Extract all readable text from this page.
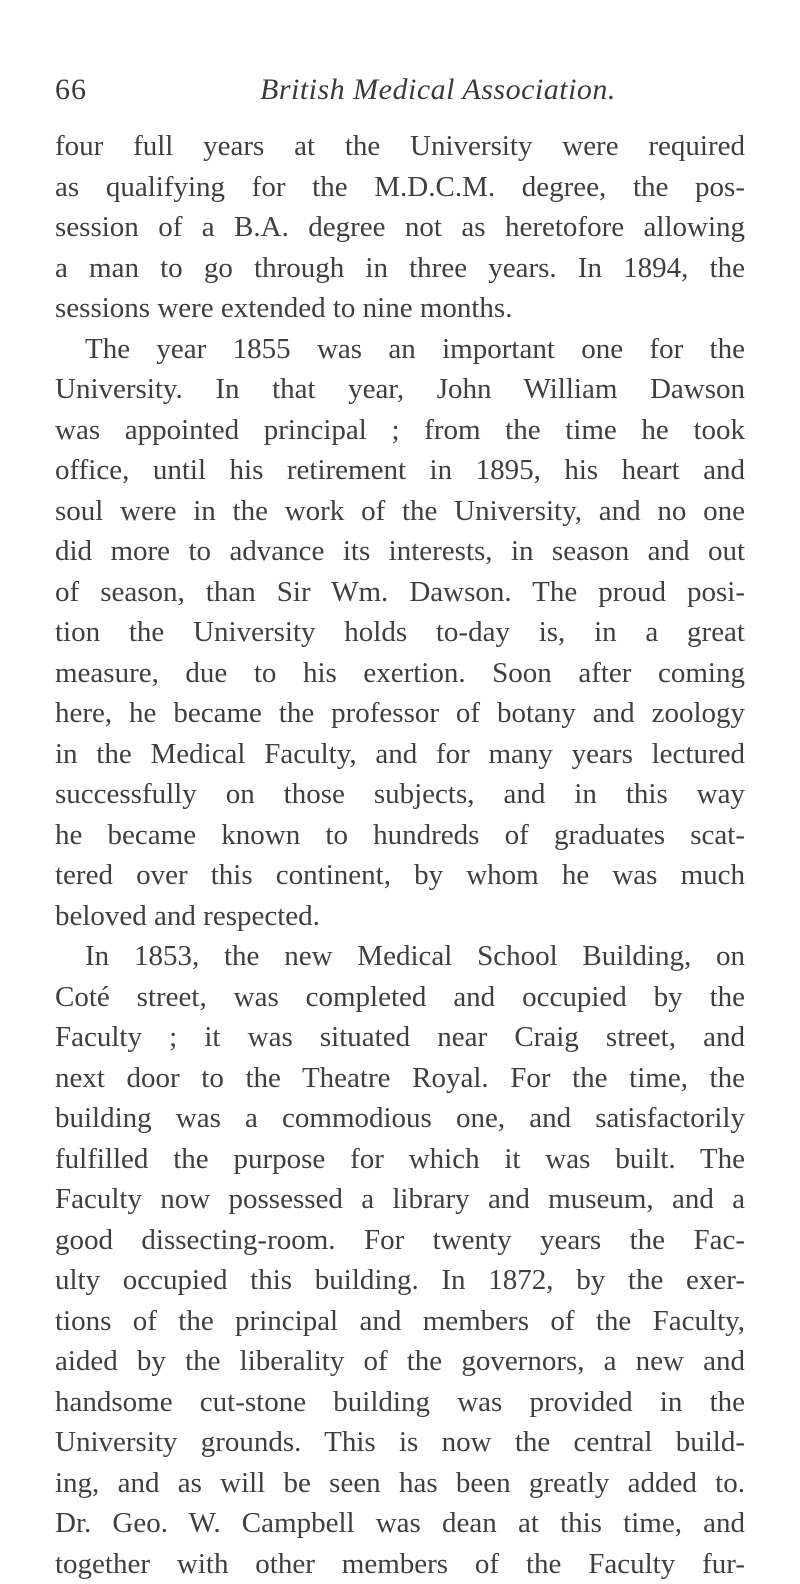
66	British Medical Association.
four full years at the University were required
as qualifying for the M.D.C.M. degree, the pos-
session of a B.A. degree not as heretofore allowing
a man to go through in three years. In 1894, the
sessions were extended to nine months.
The year 1855 was an important one for the
University. In that year, John William Dawson
was appointed principal ; from the time he took
office, until his retirement in 1895, his heart and
soul were in the work of the University, and no one
did more to advance its interests, in season and out
of season, than Sir Wm. Dawson. The proud posi-
tion the University holds to-day is, in a great
measure, due to his exertion. Soon after coming
here, he became the professor of botany and zoology
in the Medical Faculty, and for many years lectured
successfully on those subjects, and in this way
he became known to hundreds of graduates scat-
tered over this continent, by whom he was much
beloved and respected.
In 1853, the new Medical School Building, on
Coté street, was completed and occupied by the
Faculty ; it was situated near Craig street, and
next door to the Theatre Royal. For the time, the
building was a commodious one, and satisfactorily
fulfilled the purpose for which it was built. The
Faculty now possessed a library and museum, and a
good dissecting-room. For twenty years the Fac-
ulty occupied this building. In 1872, by the exer-
tions of the principal and members of the Faculty,
aided by the liberality of the governors, a new and
handsome cut-stone building was provided in the
University grounds. This is now the central build-
ing, and as will be seen has been greatly added to.
Dr. Geo. W. Campbell was dean at this time, and
together with other members of the Faculty fur-
